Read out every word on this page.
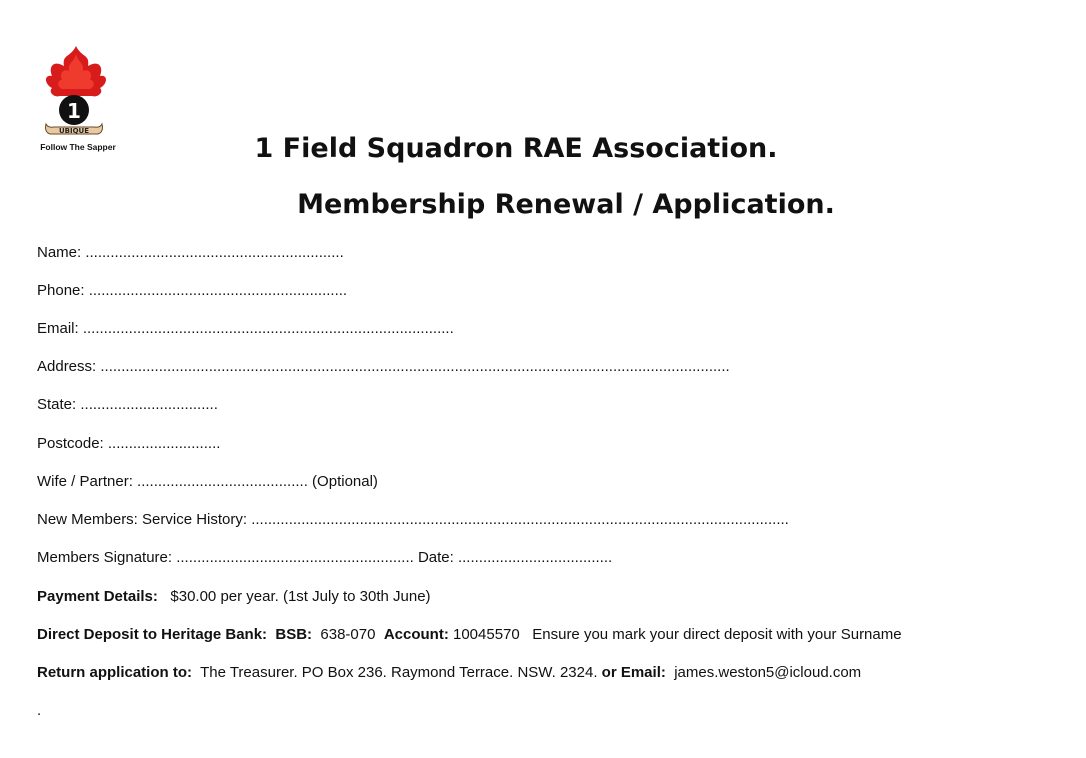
1
UBIQUE
Follow The Sapper	1 Field Squadron RAE Association.
Membership Renewal / Application.
Name: ..............................................................
Phone: ..............................................................
Email: .........................................................................................
Address: .......................................................................................................................................................
State: .................................
Postcode: ...........................
Wife / Partner: ......................................... (Optional)
New Members: Service History: .................................................................................................................................
Members Signature: ......................................................... Date: .....................................
Payment Details:   $30.00 per year. (1st July to 30th June)
Direct Deposit to Heritage Bank: BSB: 638-070 Account: 10045570 Ensure you mark your direct deposit with your Surname
Return application to: The Treasurer. PO Box 236. Raymond Terrace. NSW. 2324. or Email: james.weston5@icloud.com
.
